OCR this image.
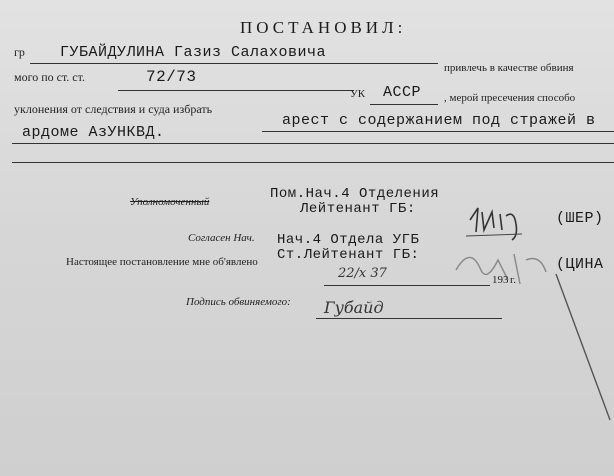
ПОСТАНОВИЛ:
гр ГУБАЙДУЛИНА Газиз Салаховича
привлечь в качестве обвиня
мого по ст. ст.	72/73
УК АССР , мерой пресечения способо
уклонения от следствия и суда избрать
арест с содержанием под стражей в
ардоме АзУНКВД.
Уполномоченный	Пом.Нач.4 Отделения
Лейтенант ГБ:
(ШЕР)
Согласен Нач. Нач.4 Отдела УГБ
Ст.Лейтенант ГБ:
(ЦИНА
Настоящее постановление мне об'явлено
22/х 37	193 г.
Подпись обвиняемого: Губайд
